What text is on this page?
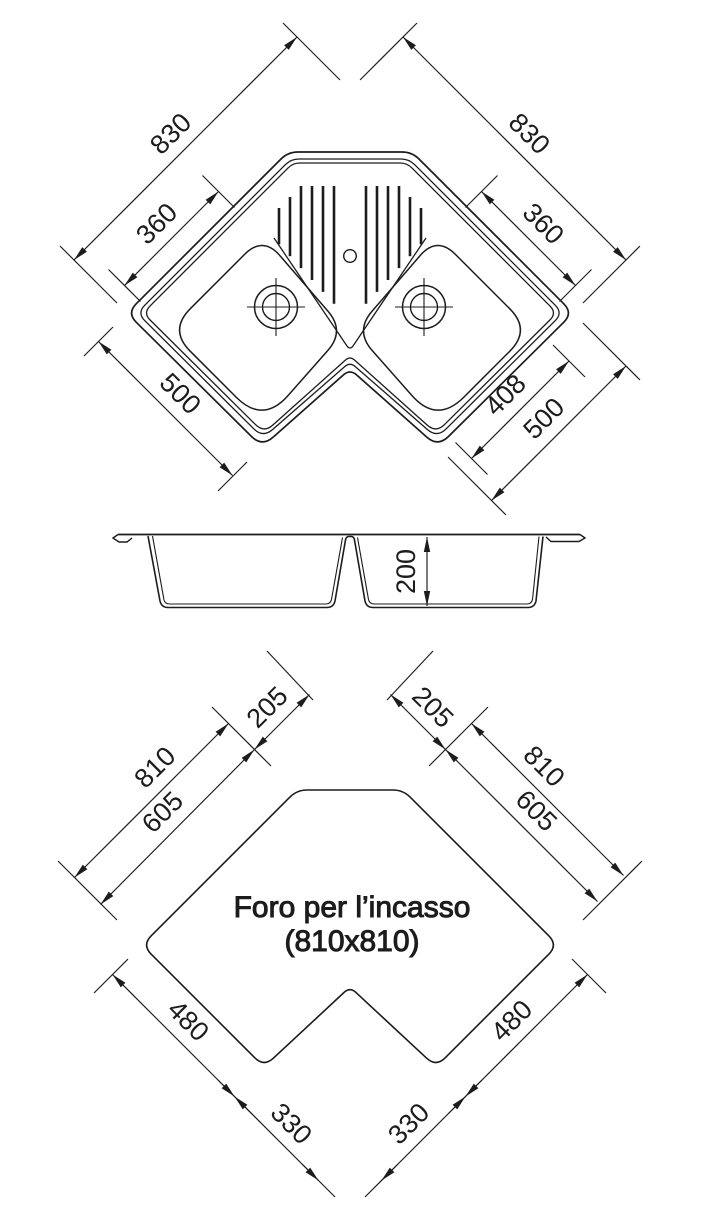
Foro per l’incasso
(810x810)
830	830
360	360
500	408
500
200
810
605
205	205
810
605
480
330 330
480
